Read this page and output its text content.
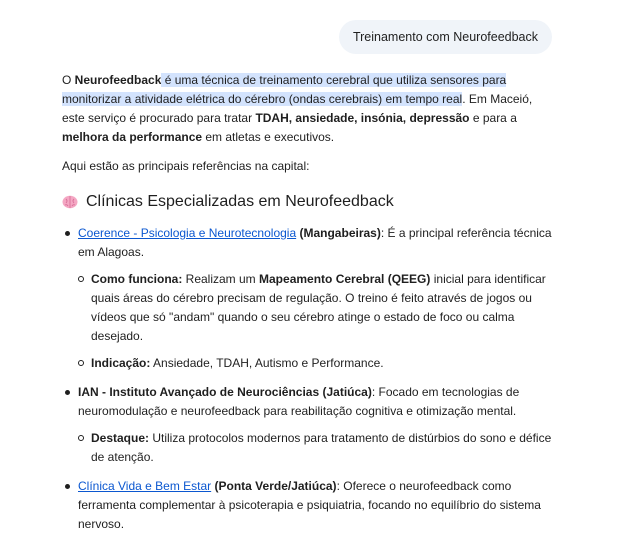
Treinamento com Neurofeedback

O Neurofeedback é uma técnica de treinamento cerebral que utiliza sensores para monitorizar a atividade elétrica do cérebro (ondas cerebrais) em tempo real. Em Maceió, este serviço é procurado para tratar TDAH, ansiedade, insónia, depressão e para a melhora da performance em atletas e executivos.

Aqui estão as principais referências na capital:

Clínicas Especializadas em Neurofeedback
Coerence - Psicologia e Neurotecnologia (Mangabeiras): É a principal referência técnica em Alagoas.
Como funciona: Realizam um Mapeamento Cerebral (QEEG) inicial para identificar quais áreas do cérebro precisam de regulação. O treino é feito através de jogos ou vídeos que só "andam" quando o seu cérebro atinge o estado de foco ou calma desejado.
Indicação: Ansiedade, TDAH, Autismo e Performance.
IAN - Instituto Avançado de Neurociências (Jatiúca): Focado em tecnologias de neuromodulação e neurofeedback para reabilitação cognitiva e otimização mental.
Destaque: Utiliza protocolos modernos para tratamento de distúrbios do sono e défice de atenção.
Clínica Vida e Bem Estar (Ponta Verde/Jatiúca): Oferece o neurofeedback como ferramenta complementar à psicoterapia e psiquiatria, focando no equilíbrio do sistema nervoso.
